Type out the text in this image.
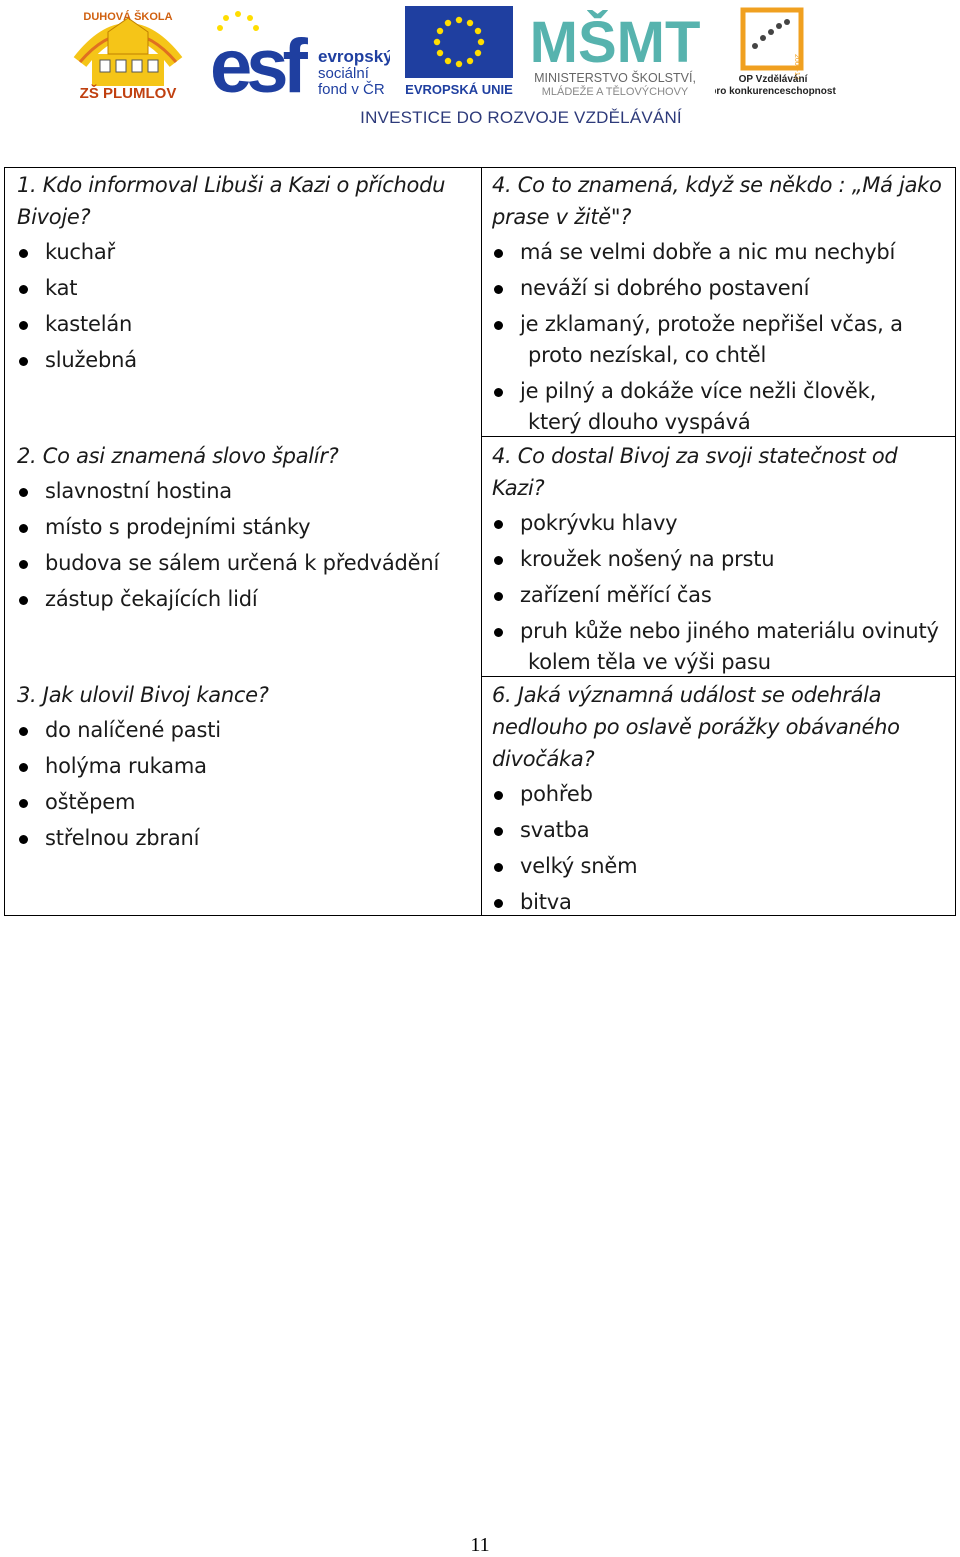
DUHOVÁ ŠKOLA
ZŠ PLUMLOV esf evropský
sociální
fond v ČR EVROPSKÁ UNIE
MŠMT
MINISTERSTVO ŠKOLSTVÍ,
MLÁDEŽE A TĚLOVÝCHOVY
2007-13
OP Vzdělávání
pro konkurenceschopnost
INVESTICE DO ROZVOJE VZDĚLÁVÁNÍ

1. Kdo informoval Libuši a Kazi o příchodu
Bivoje?

kuchař
kat
kastelán
služebná

2. Co asi znamená slovo špalír?

slavnostní hostina
místo s prodejními stánky
budova se sálem určená k předvádění
zástup čekajících lidí

3. Jak ulovil Bivoj kance?

do nalíčené pasti
holýma rukama
oštěpem
střelnou zbraní

4. Co to znamená, když se někdo : „Má jako
prase v žitě"?

má se velmi dobře a nic mu nechybí
neváží si dobrého postavení
je zklamaný, protože nepřišel včas, a
proto nezískal, co chtěl
je pilný a dokáže více nežli člověk,
který dlouho vyspává

4. Co dostal Bivoj za svoji statečnost od
Kazi?

pokrývku hlavy
kroužek nošený na prstu
zařízení měřící čas
pruh kůže nebo jiného materiálu ovinutý
kolem těla ve výši pasu

6. Jaká významná událost se odehrála
nedlouho po oslavě porážky obávaného
divočáka?

pohřeb
svatba
velký sněm
bitva
11
